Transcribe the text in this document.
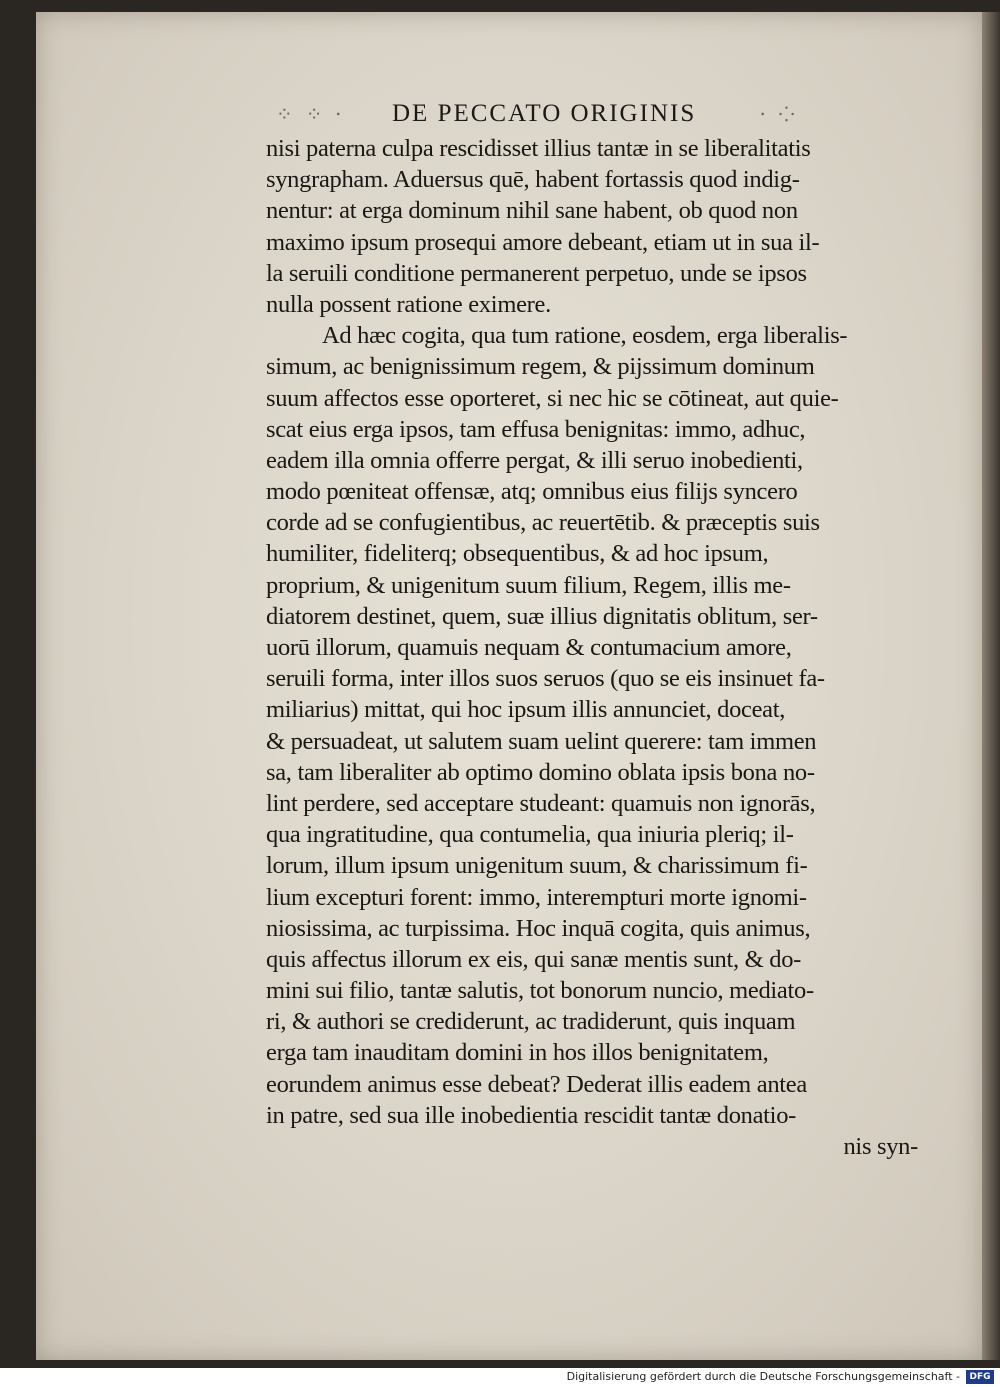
⁘ ⁘ ⸱ DE PECCATO ORIGINIS	⸱ ⁘
nisi paterna culpa rescidisset illius tantæ in se liberalitatis
syngrapham. Aduersus quē, habent fortassis quod indig-
nentur: at erga dominum nihil sane habent, ob quod non
maximo ipsum prosequi amore debeant, etiam ut in sua il-
la seruili conditione permanerent perpetuo, unde se ipsos
nulla possent ratione eximere.
Ad hæc cogita, qua tum ratione, eosdem, erga liberalis-
simum, ac benignissimum regem, & pijssimum dominum
suum affectos esse oporteret, si nec hic se cōtineat, aut quie-
scat eius erga ipsos, tam effusa benignitas: immo, adhuc,
eadem illa omnia offerre pergat, & illi seruo inobedienti,
modo pœniteat offensæ, atq; omnibus eius filijs syncero
corde ad se confugientibus, ac reuertētib. & præceptis suis
humiliter, fideliterq; obsequentibus, & ad hoc ipsum,
proprium, & unigenitum suum filium, Regem, illis me-
diatorem destinet, quem, suæ illius dignitatis oblitum, ser-
uorū illorum, quamuis nequam & contumacium amore,
seruili forma, inter illos suos seruos (quo se eis insinuet fa-
miliarius) mittat, qui hoc ipsum illis annunciet, doceat,
& persuadeat, ut salutem suam uelint querere: tam immen
sa, tam liberaliter ab optimo domino oblata ipsis bona no-
lint perdere, sed acceptare studeant: quamuis non ignorās,
qua ingratitudine, qua contumelia, qua iniuria pleriq; il-
lorum, illum ipsum unigenitum suum, & charissimum fi-
lium excepturi forent: immo, interempturi morte ignomi-
niosissima, ac turpissima. Hoc inquā cogita, quis animus,
quis affectus illorum ex eis, qui sanæ mentis sunt, & do-
mini sui filio, tantæ salutis, tot bonorum nuncio, mediato-
ri, & authori se crediderunt, ac tradiderunt, quis inquam
erga tam inauditam domini in hos illos benignitatem,
eorundem animus esse debeat? Dederat illis eadem antea
in patre, sed sua ille inobedientia rescidit tantæ donatio-
nis syn-
Digitalisierung gefördert durch die Deutsche Forschungsgemeinschaft -	DFG
